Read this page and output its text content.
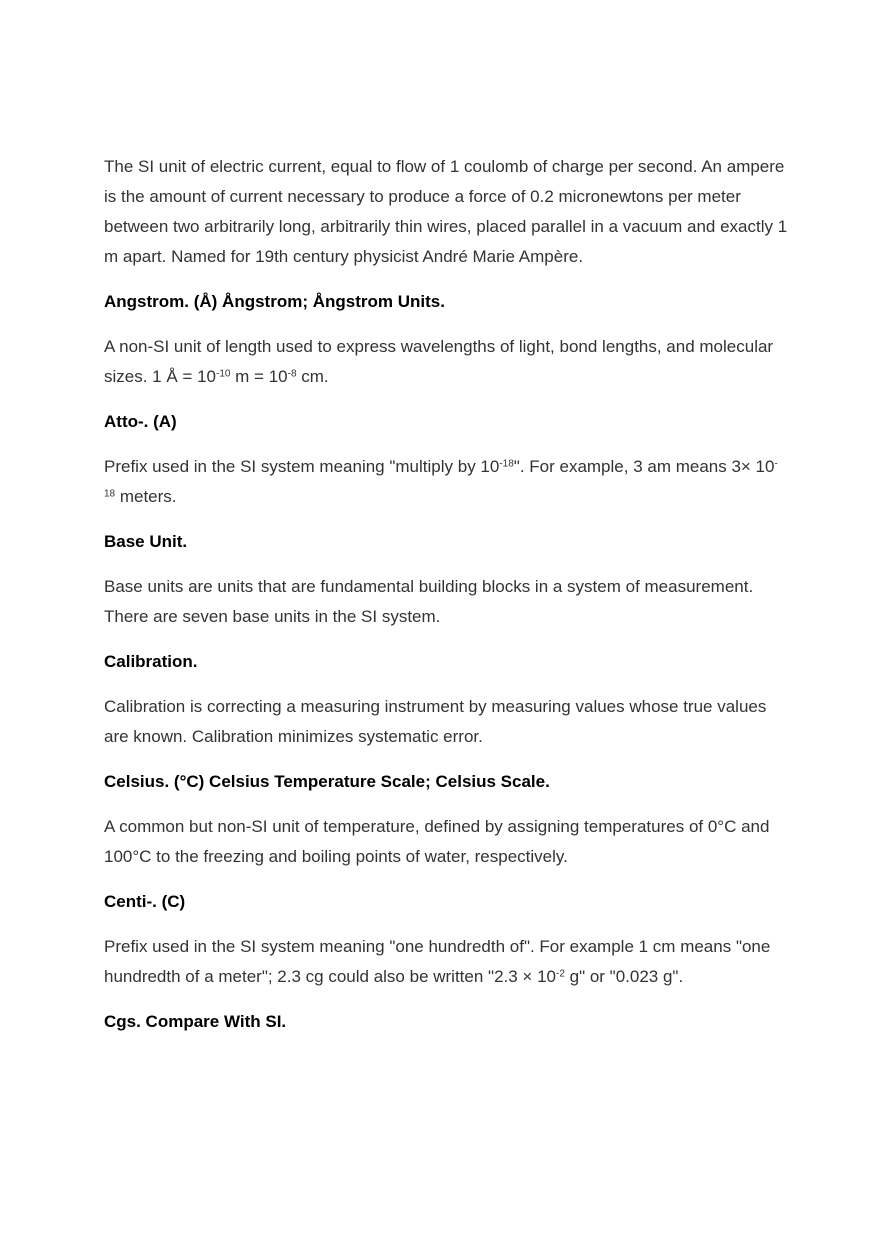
The SI unit of electric current, equal to flow of 1 coulomb of charge per second. An ampere is the amount of current necessary to produce a force of 0.2 micronewtons per meter between two arbitrarily long, arbitrarily thin wires, placed parallel in a vacuum and exactly 1 m apart. Named for 19th century physicist André Marie Ampère.

Angstrom. (Å) Ångstrom; Ångstrom Units.

A non-SI unit of length used to express wavelengths of light, bond lengths, and molecular sizes. 1 Å = $10^{-10}$ $m = 10^{-8}$ cm.

Atto-. (A)

Prefix used in the SI system meaning "multiply by $10^{-18}$". For example, 3 am means $3\times 10^{-18}$ meters.

Base Unit.

Base units are units that are fundamental building blocks in a system of measurement. There are seven base units in the SI system.

Calibration.

Calibration is correcting a measuring instrument by measuring values whose true values are known. Calibration minimizes systematic error.

Celsius. (°C) Celsius Temperature Scale; Celsius Scale.

A common but non-SI unit of temperature, defined by assigning temperatures of 0°C and 100°C to the freezing and boiling points of water, respectively.

Centi-. (C)

Prefix used in the SI system meaning "one hundredth of". For example 1 cm means "one hundredth of a meter"; 2.3 cg could also be written "$2.3 \times 10^{-2}$ g" or "0.023 g".

Cgs. Compare With SI.
